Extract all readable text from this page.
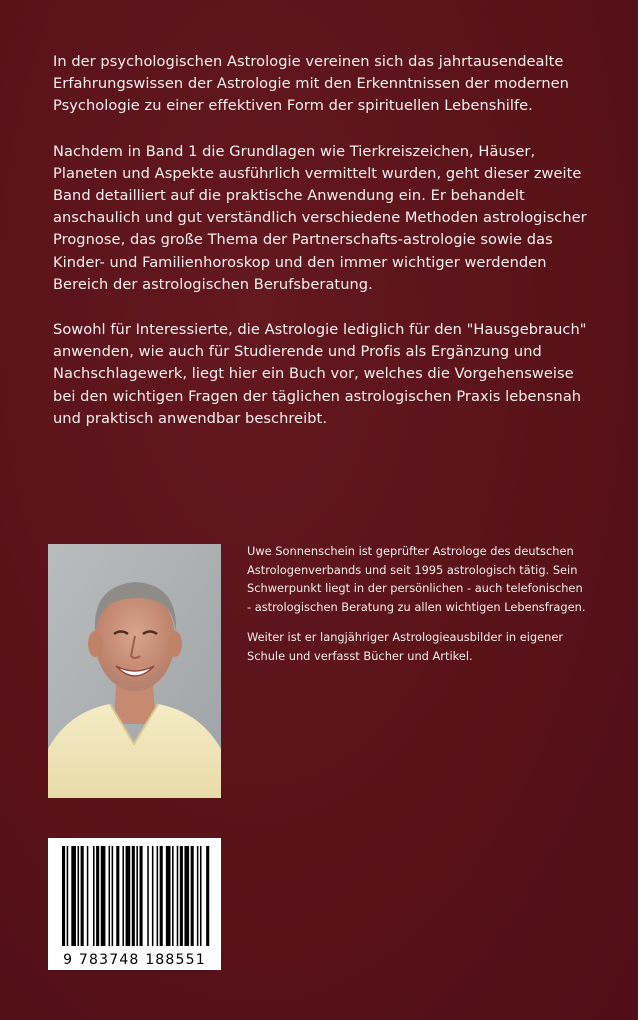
In der psychologischen Astrologie vereinen sich das jahrtausendealte Erfahrungswissen der Astrologie mit den Erkenntnissen der modernen Psychologie zu einer effektiven Form der spirituellen Lebenshilfe.

Nachdem in Band 1 die Grundlagen wie Tierkreiszeichen, Häuser, Planeten und Aspekte ausführlich vermittelt wurden, geht dieser zweite Band detailliert auf die praktische Anwendung ein. Er behandelt anschaulich und gut verständlich verschiedene Methoden astrologischer Prognose, das große Thema der Partnerschafts-astrologie sowie das Kinder- und Familienhoroskop und den immer wichtiger werdenden Bereich der astrologischen Berufsberatung.

Sowohl für Interessierte, die Astrologie lediglich für den "Hausgebrauch" anwenden, wie auch für Studierende und Profis als Ergänzung und Nachschlagewerk, liegt hier ein Buch vor, welches die Vorgehensweise bei den wichtigen Fragen der täglichen astrologischen Praxis lebensnah und praktisch anwendbar beschreibt.

Uwe Sonnenschein ist geprüfter Astrologe des deutschen Astrologenverbands und seit 1995 astrologisch tätig. Sein Schwerpunkt liegt in der persönlichen - auch telefonischen - astrologischen Beratung zu allen wichtigen Lebensfragen.

Weiter ist er langjähriger Astrologieausbilder in eigener Schule und verfasst Bücher und Artikel.

9 783748 188551
